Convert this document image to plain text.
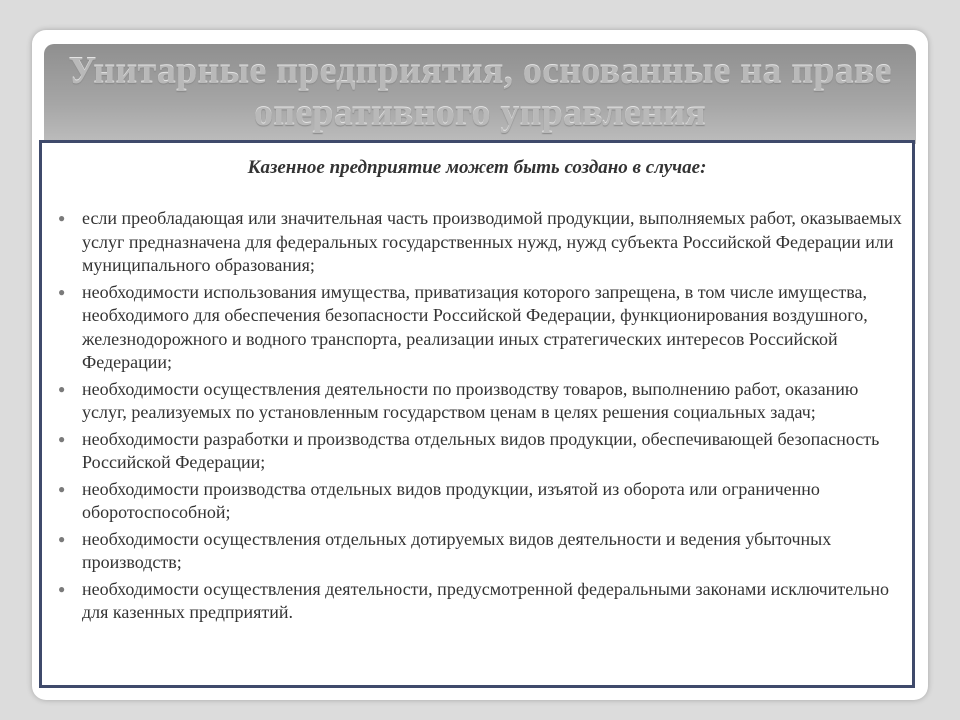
Унитарные предприятия, основанные на праве оперативного управления

Казенное предприятие может быть создано в случае:

● если преобладающая или значительная часть производимой продукции, выполняемых работ, оказываемых услуг предназначена для федеральных государственных нужд, нужд субъекта Российской Федерации или муниципального образования;
● необходимости использования имущества, приватизация которого запрещена, в том числе имущества, необходимого для обеспечения безопасности Российской Федерации, функционирования воздушного, железнодорожного и водного транспорта, реализации иных стратегических интересов Российской Федерации;
● необходимости осуществления деятельности по производству товаров, выполнению работ, оказанию услуг, реализуемых по установленным государством ценам в целях решения социальных задач;
● необходимости разработки и производства отдельных видов продукции, обеспечивающей безопасность Российской Федерации;
● необходимости производства отдельных видов продукции, изъятой из оборота или ограниченно оборотоспособной;
● необходимости осуществления отдельных дотируемых видов деятельности и ведения убыточных производств;
● необходимости осуществления деятельности, предусмотренной федеральными законами исключительно для казенных предприятий.
